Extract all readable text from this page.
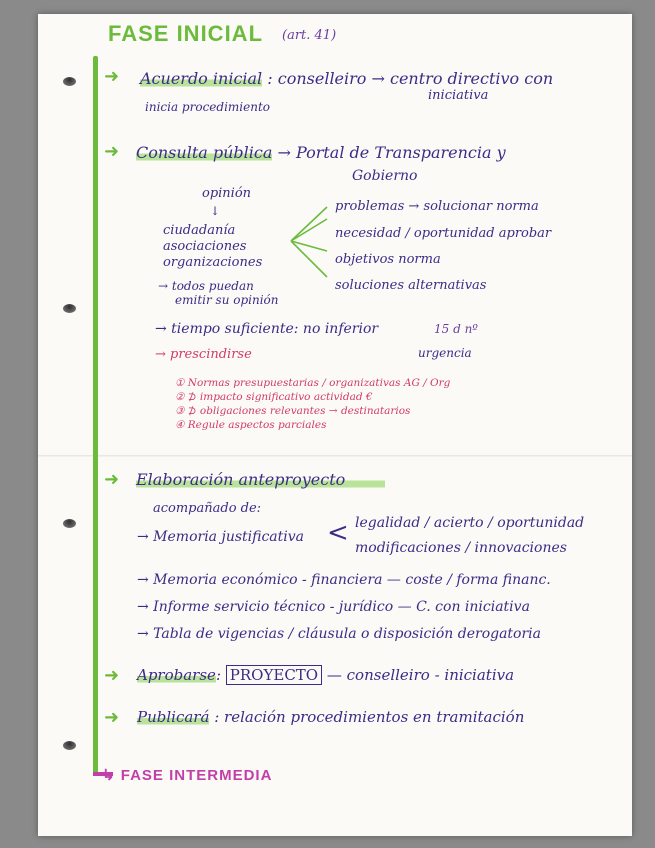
FASE INICIAL (art. 41)
➜ Acuerdo inicial : conselleiro → centro directivo con
iniciativa
inicia procedimiento
➜ Consulta pública → Portal de Transparencia y
Gobierno
opinión
↓
ciudadanía
asociaciones
organizaciones
problemas → solucionar norma
necesidad / oportunidad aprobar
objetivos norma
soluciones alternativas
→ todos puedan
emitir su opinión
→ tiempo suficiente: no inferior	15 d nº
urgencia
→ prescindirse
① Normas presupuestarias / organizativas AG / Org
② ⊅ impacto significativo actividad €
③ ⊅ obligaciones relevantes → destinatarios
④ Regule aspectos parciales
➜ Elaboración anteproyecto
acompañado de:
→ Memoria justificativa < legalidad / acierto / oportunidad
modificaciones / innovaciones
→ Memoria económico - financiera — coste / forma financ.
→ Informe servicio técnico - jurídico — C. con iniciativa
→ Tabla de vigencias / cláusula o disposición derogatoria
➜ Aprobarse: PROYECTO — conselleiro - iniciativa
➜ Publicará : relación procedimientos en tramitación
↳ FASE INTERMEDIA
